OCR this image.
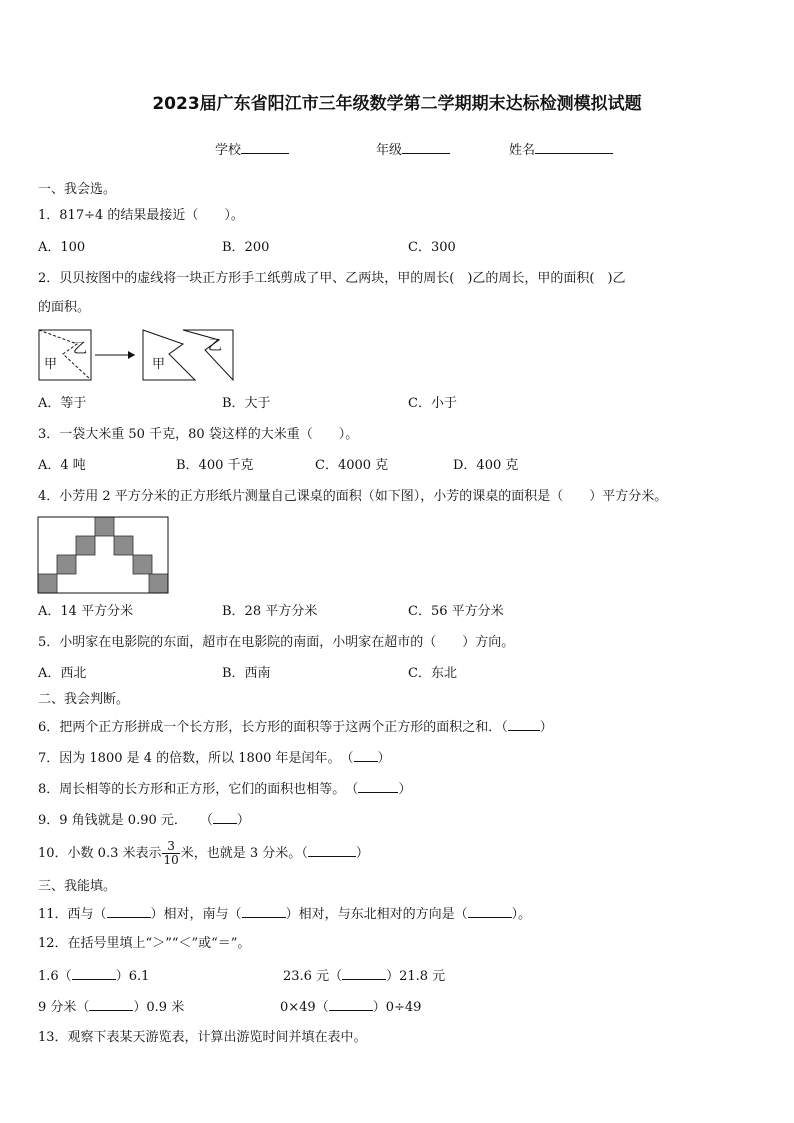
2023届广东省阳江市三年级数学第二学期期末达标检测模拟试题
学校	年级	姓名
一、我会选。
1．817÷4 的结果最接近（　　）。
A．100	B．200	C．300
2．贝贝按图中的虚线将一块正方形手工纸剪成了甲、乙两块，甲的周长(　)乙的周长，甲的面积(　)乙
的面积。
甲
乙
甲
乙
A．等于	B．大于	C．小于
3．一袋大米重 50 千克，80 袋这样的大米重（　　）。
A．4 吨	B．400 千克	C．4000 克	D．400 克
4．小芳用 2 平方分米的正方形纸片测量自己课桌的面积（如下图），小芳的课桌的面积是（　　）平方分米。
A．14 平方分米	B．28 平方分米	C．56 平方分米
5．小明家在电影院的东面，超市在电影院的南面，小明家在超市的（　　）方向。
A．西北	B．西南	C．东北
二、我会判断。
6．把两个正方形拼成一个长方形，长方形的面积等于这两个正方形的面积之和．（ ）
7．因为 1800 是 4 的倍数，所以 1800 年是闰年。　 （ ）
8．周长相等的长方形和正方形，它们的面积也相等。　 （	）
9．9 角钱就是 0.90 元．　　 （ ）
10．小数 0.3 米表示 $\frac{3}{10}$ 米，也就是 3 分米。（	）
三、我能填。
11．西与（	）相对，南与（	）相对，与东北相对的方向是（	）。
12．在括号里填上“＞”“＜”或“＝”。
1.6（	）6.1	23.6 元（	）21.8 元
9 分米（	）0.9 米	0×49（	）0÷49
13．观察下表某天游览表，计算出游览时间并填在表中。
